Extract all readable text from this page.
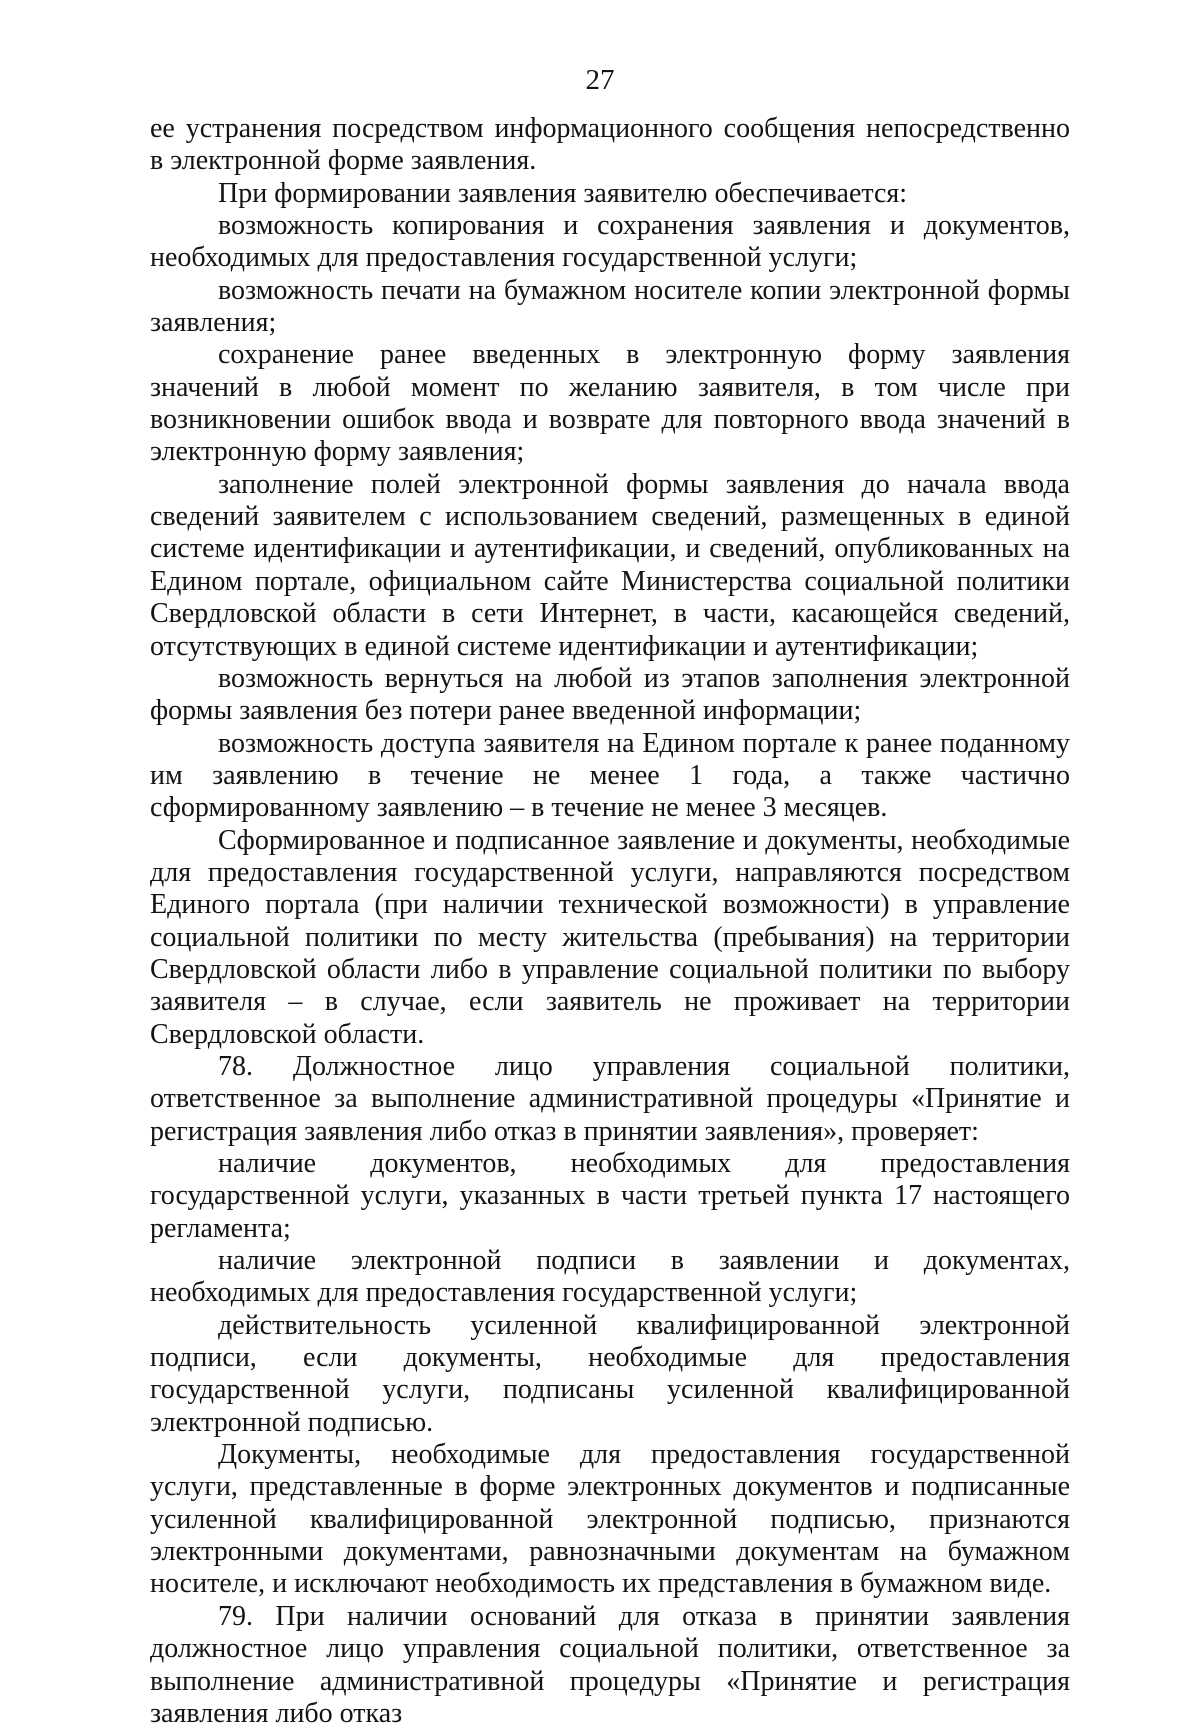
27

ее устранения посредством информационного сообщения непосредственно в электронной форме заявления.

При формировании заявления заявителю обеспечивается:

возможность копирования и сохранения заявления и документов, необходимых для предоставления государственной услуги;

возможность печати на бумажном носителе копии электронной формы заявления;

сохранение ранее введенных в электронную форму заявления значений в любой момент по желанию заявителя, в том числе при возникновении ошибок ввода и возврате для повторного ввода значений в электронную форму заявления;

заполнение полей электронной формы заявления до начала ввода сведений заявителем с использованием сведений, размещенных в единой системе идентификации и аутентификации, и сведений, опубликованных на Едином портале, официальном сайте Министерства социальной политики Свердловской области в сети Интернет, в части, касающейся сведений, отсутствующих в единой системе идентификации и аутентификации;

возможность вернуться на любой из этапов заполнения электронной формы заявления без потери ранее введенной информации;

возможность доступа заявителя на Едином портале к ранее поданному им заявлению в течение не менее 1 года, а также частично сформированному заявлению – в течение не менее 3 месяцев.

Сформированное и подписанное заявление и документы, необходимые для предоставления государственной услуги, направляются посредством Единого портала (при наличии технической возможности) в управление социальной политики по месту жительства (пребывания) на территории Свердловской области либо в управление социальной политики по выбору заявителя – в случае, если заявитель не проживает на территории Свердловской области.

78. Должностное лицо управления социальной политики, ответственное за выполнение административной процедуры «Принятие и регистрация заявления либо отказ в принятии заявления», проверяет:

наличие документов, необходимых для предоставления государственной услуги, указанных в части третьей пункта 17 настоящего регламента;

наличие электронной подписи в заявлении и документах, необходимых для предоставления государственной услуги;

действительность усиленной квалифицированной электронной подписи, если документы, необходимые для предоставления государственной услуги, подписаны усиленной квалифицированной электронной подписью.

Документы, необходимые для предоставления государственной услуги, представленные в форме электронных документов и подписанные усиленной квалифицированной электронной подписью, признаются электронными документами, равнозначными документам на бумажном носителе, и исключают необходимость их представления в бумажном виде.

79. При наличии оснований для отказа в принятии заявления должностное лицо управления социальной политики, ответственное за выполнение административной процедуры «Принятие и регистрация заявления либо отказ
